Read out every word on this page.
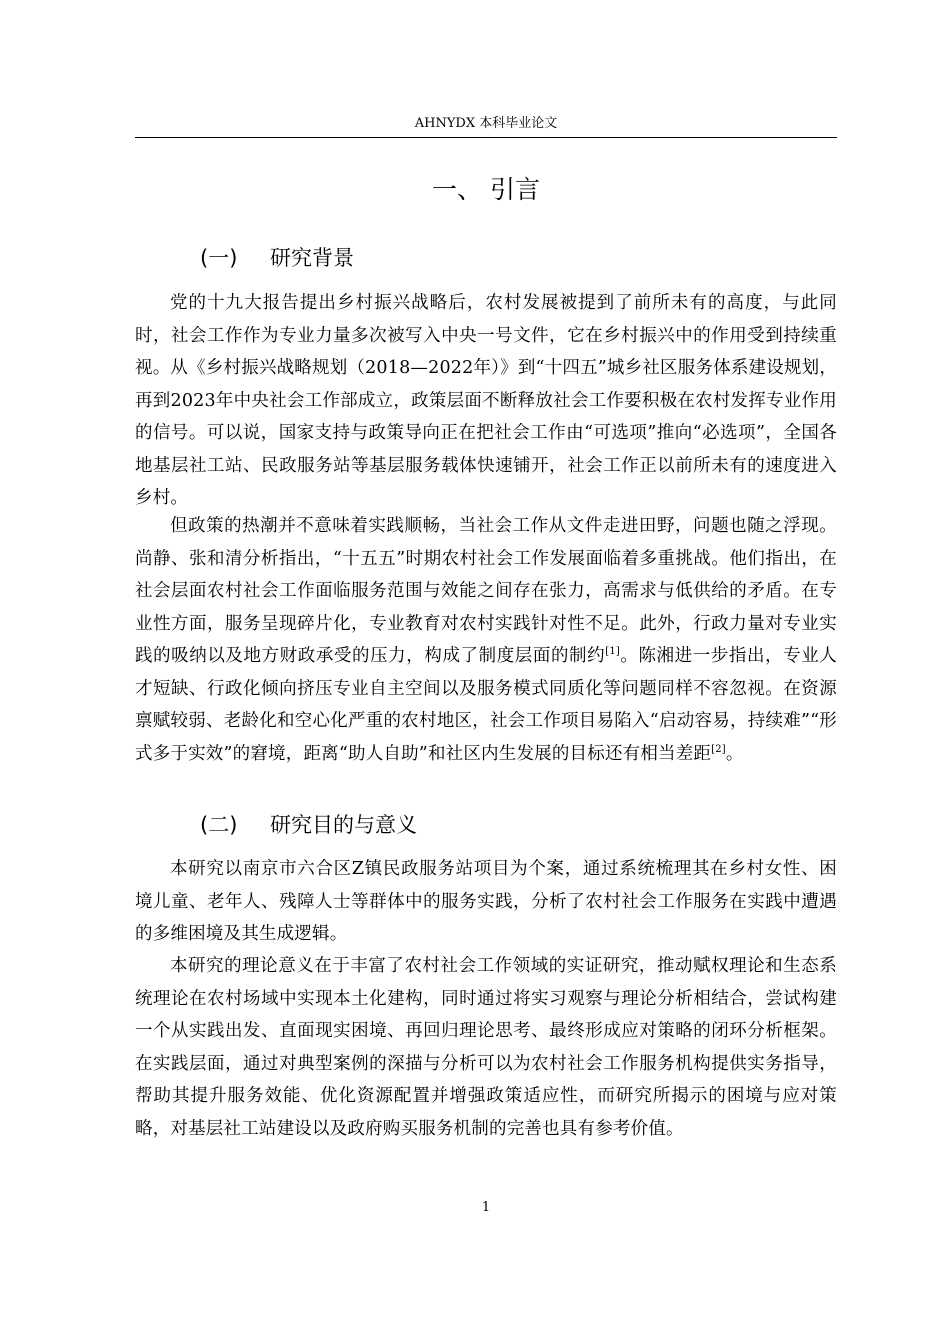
AHNYDX 本科毕业论文
一、 引言
(一) 研究背景

党的十九大报告提出乡村振兴战略后，农村发展被提到了前所未有的高度，与此同时，社会工作作为专业力量多次被写入中央一号文件，它在乡村振兴中的作用受到持续重视。从《乡村振兴战略规划（2018—2022年）》到“十四五”城乡社区服务体系建设规划，再到2023年中央社会工作部成立，政策层面不断释放社会工作要积极在农村发挥专业作用的信号。可以说，国家支持与政策导向正在把社会工作由“可选项”推向“必选项”，全国各地基层社工站、民政服务站等基层服务载体快速铺开，社会工作正以前所未有的速度进入乡村。

但政策的热潮并不意味着实践顺畅，当社会工作从文件走进田野，问题也随之浮现。尚静、张和清分析指出，“十五五”时期农村社会工作发展面临着多重挑战。他们指出，在社会层面农村社会工作面临服务范围与效能之间存在张力，高需求与低供给的矛盾。在专业性方面，服务呈现碎片化，专业教育对农村实践针对性不足。此外，行政力量对专业实践的吸纳以及地方财政承受的压力，构成了制度层面的制约[1]。陈湘进一步指出，专业人才短缺、行政化倾向挤压专业自主空间以及服务模式同质化等问题同样不容忽视。在资源禀赋较弱、老龄化和空心化严重的农村地区，社会工作项目易陷入“启动容易，持续难”“形式多于实效”的窘境，距离“助人自助”和社区内生发展的目标还有相当差距[2]。

(二) 研究目的与意义

本研究以南京市六合区Z镇民政服务站项目为个案，通过系统梳理其在乡村女性、困境儿童、老年人、残障人士等群体中的服务实践，分析了农村社会工作服务在实践中遭遇的多维困境及其生成逻辑。

本研究的理论意义在于丰富了农村社会工作领域的实证研究，推动赋权理论和生态系统理论在农村场域中实现本土化建构，同时通过将实习观察与理论分析相结合，尝试构建一个从实践出发、直面现实困境、再回归理论思考、最终形成应对策略的闭环分析框架。在实践层面，通过对典型案例的深描与分析可以为农村社会工作服务机构提供实务指导，帮助其提升服务效能、优化资源配置并增强政策适应性，而研究所揭示的困境与应对策略，对基层社工站建设以及政府购买服务机制的完善也具有参考价值。

1
